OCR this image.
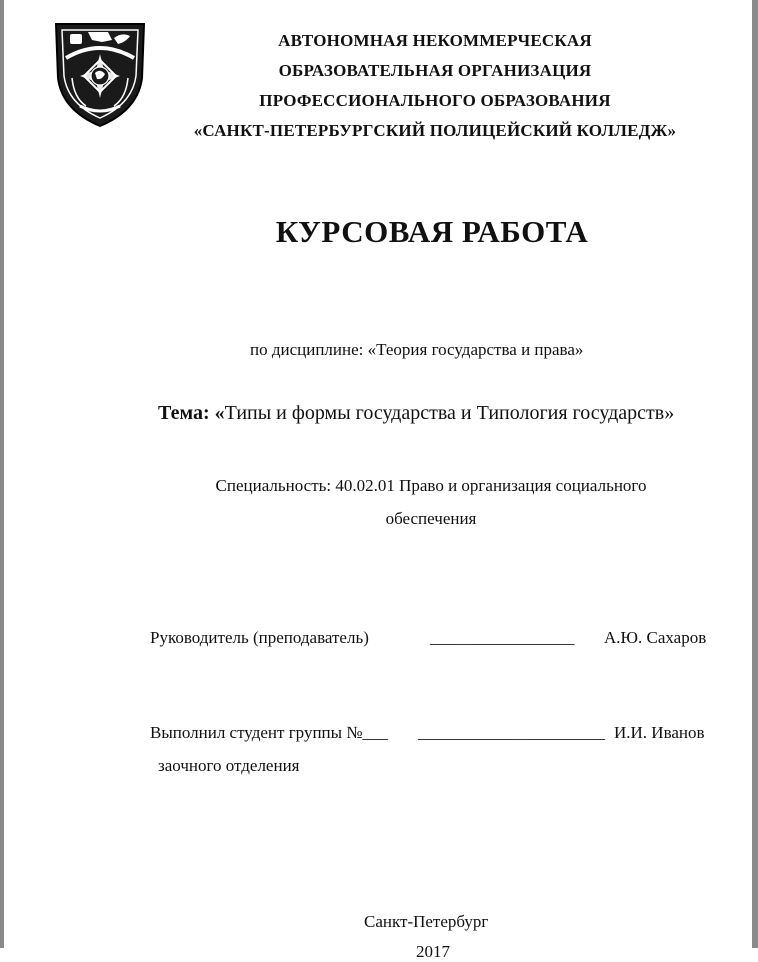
АВТОНОМНАЯ НЕКОММЕРЧЕСКАЯ
ОБРАЗОВАТЕЛЬНАЯ ОРГАНИЗАЦИЯ
ПРОФЕССИОНАЛЬНОГО ОБРАЗОВАНИЯ
«САНКТ-ПЕТЕРБУРГСКИЙ ПОЛИЦЕЙСКИЙ КОЛЛЕДЖ»
КУРСОВАЯ РАБОТА
по дисциплине: «Теория государства и права»
Тема: «Типы и формы государства и Типология государств»
Специальность: 40.02.01 Право и организация социального
обеспечения
Руководитель (преподаватель)	_________________ А.Ю. Сахаров
Выполнил студент группы №___ ______________________ И.И. Иванов
заочного отделения
Санкт-Петербург
2017
